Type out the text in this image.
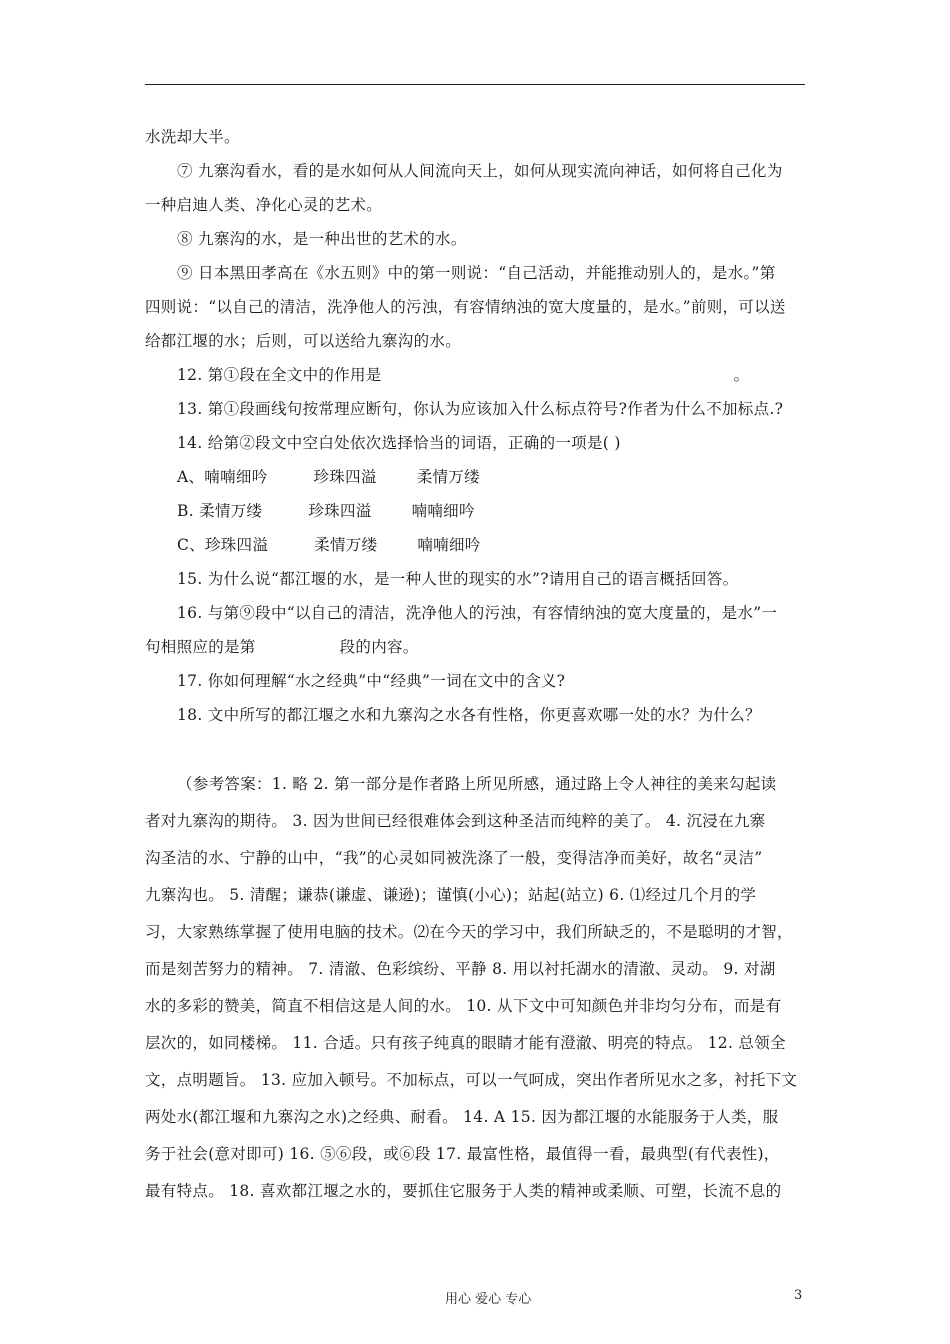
水洗却大半。
⑦ 九寨沟看水，看的是水如何从人间流向天上，如何从现实流向神话，如何将自己化为
一种启迪人类、净化心灵的艺术。
⑧ 九寨沟的水，是一种出世的艺术的水。
⑨ 日本黑田孝高在《水五则》中的第一则说：“自己活动，并能推动别人的，是水。”第
四则说：“以自己的清洁，洗净他人的污浊，有容情纳浊的宽大度量的，是水。”前则，可以送
给都江堰的水；后则，可以送给九寨沟的水。
12. 第①段在全文中的作用是	。
13. 第①段画线句按常理应断句，你认为应该加入什么标点符号?作者为什么不加标点.?
14. 给第②段文中空白处依次选择恰当的词语，正确的一项是( )
A、喃喃细吟	珍珠四溢	柔情万缕
B. 柔情万缕	珍珠四溢	喃喃细吟
C、珍珠四溢	柔情万缕	喃喃细吟
15. 为什么说“都江堰的水，是一种人世的现实的水”?请用自己的语言概括回答。
16. 与第⑨段中“以自己的清洁，洗净他人的污浊，有容情纳浊的宽大度量的，是水”一
句相照应的是第	段的内容。
17. 你如何理解“水之经典”中“经典”一词在文中的含义?
18. 文中所写的都江堰之水和九寨沟之水各有性格，你更喜欢哪一处的水？为什么？
（参考答案：1. 略 2. 第一部分是作者路上所见所感，通过路上令人神往的美来勾起读
者对九寨沟的期待。 3. 因为世间已经很难体会到这种圣洁而纯粹的美了。 4. 沉浸在九寨
沟圣洁的水、宁静的山中，“我”的心灵如同被洗涤了一般，变得洁净而美好，故名“灵洁”
九寨沟也。 5. 清醒；谦恭(谦虚、谦逊)；谨慎(小心)；站起(站立) 6. ⑴经过几个月的学
习，大家熟练掌握了使用电脑的技术。⑵在今天的学习中，我们所缺乏的，不是聪明的才智，
而是刻苦努力的精神。 7. 清澈、色彩缤纷、平静 8. 用以衬托湖水的清澈、灵动。 9. 对湖
水的多彩的赞美，简直不相信这是人间的水。 10. 从下文中可知颜色并非均匀分布，而是有
层次的，如同楼梯。 11. 合适。只有孩子纯真的眼睛才能有澄澈、明亮的特点。 12. 总领全
文，点明题旨。 13. 应加入顿号。不加标点，可以一气呵成，突出作者所见水之多，衬托下文
两处水(都江堰和九寨沟之水)之经典、耐看。 14. A 15. 因为都江堰的水能服务于人类，服
务于社会(意对即可) 16. ⑤⑥段，或⑥段 17. 最富性格，最值得一看，最典型(有代表性)，
最有特点。 18. 喜欢都江堰之水的，要抓住它服务于人类的精神或柔顺、可塑，长流不息的
用心 爱心 专心	3
